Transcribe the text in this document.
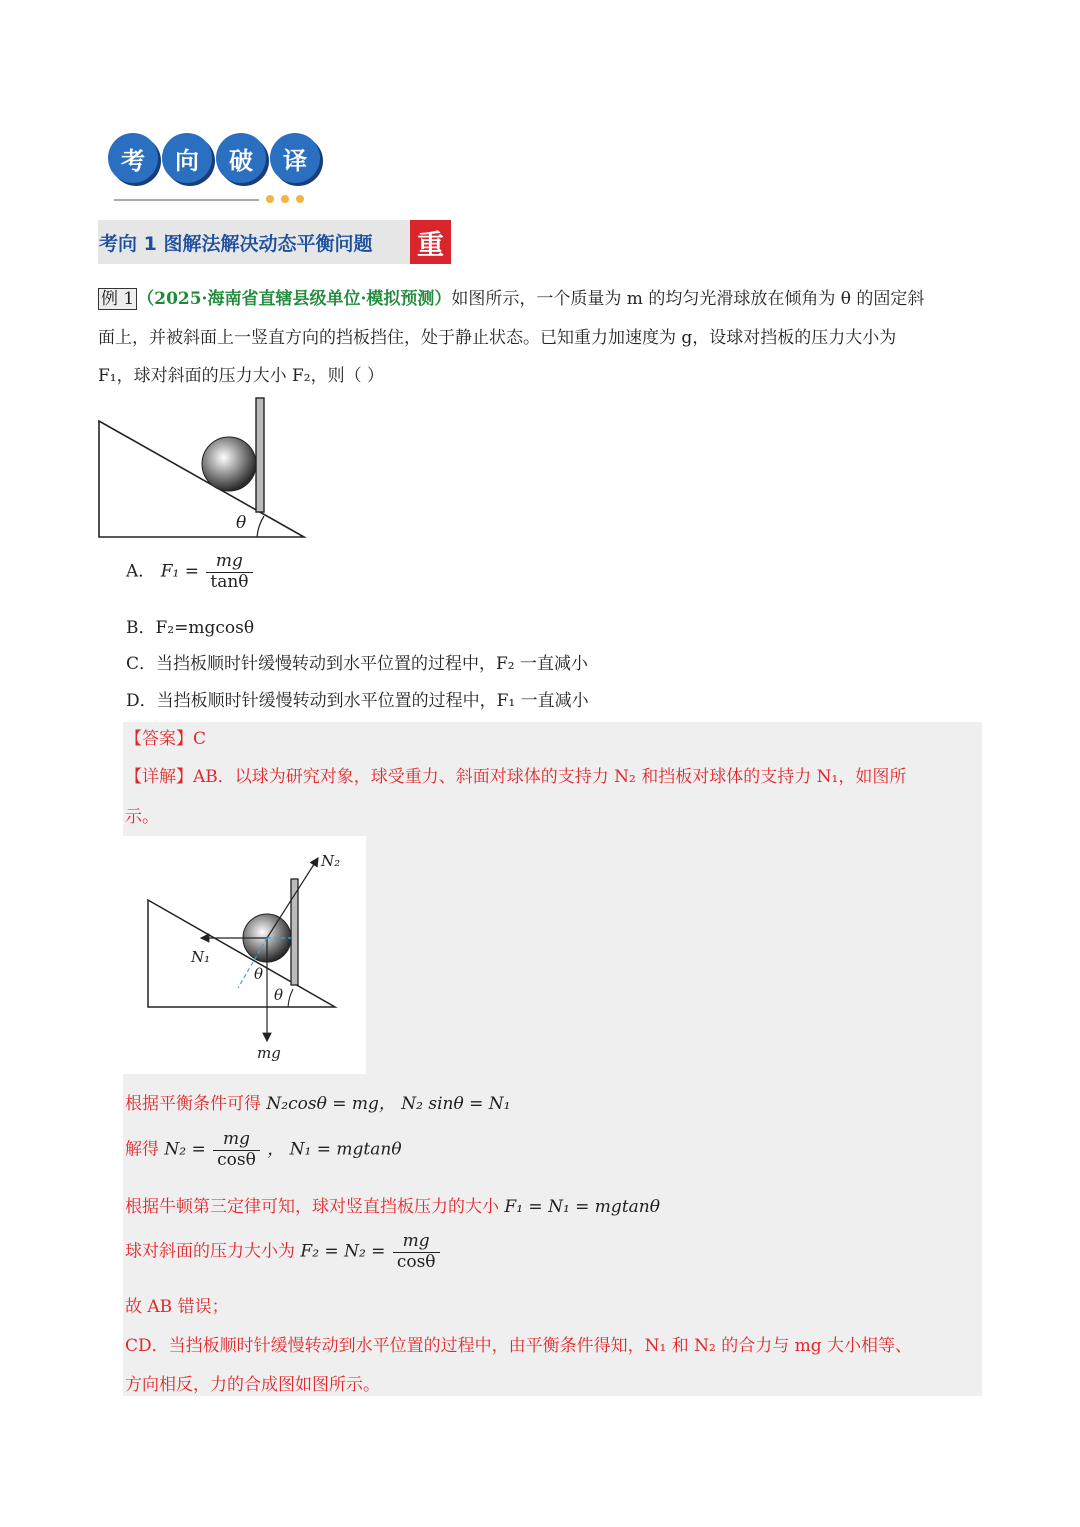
考	向	破	译
考向 1 图解法解决动态平衡问题 重
例 1 （2025·海南省直辖县级单位·模拟预测）如图所示，一个质量为 m 的均匀光滑球放在倾角为 θ 的固定斜
面上，并被斜面上一竖直方向的挡板挡住，处于静止状态。已知重力加速度为 g，设球对挡板的压力大小为
F₁，球对斜面的压力大小 F₂，则（ ）
θ
A． $F_1 = \frac{mg}{\tan\theta}$
B．F₂=mgcosθ
C．当挡板顺时针缓慢转动到水平位置的过程中，F₂ 一直减小
D．当挡板顺时针缓慢转动到水平位置的过程中，F₁ 一直减小
【答案】C
【详解】AB．以球为研究对象，球受重力、斜面对球体的支持力 N₂ 和挡板对球体的支持力 N₁，如图所
示。
N₂
N₁
mg
θ
θ
根据平衡条件可得 N₂cosθ = mg， N₂ sinθ = N₁
解得 $N_2 = \frac{mg}{\cos\theta}$ ， N₁ = mgtanθ
根据牛顿第三定律可知，球对竖直挡板压力的大小 F₁ = N₁ = mgtanθ
球对斜面的压力大小为 $F_2 = N_2 = \frac{mg}{\cos\theta}$
故 AB 错误；
CD．当挡板顺时针缓慢转动到水平位置的过程中，由平衡条件得知，N₁ 和 N₂ 的合力与 mg 大小相等、
方向相反，力的合成图如图所示。
